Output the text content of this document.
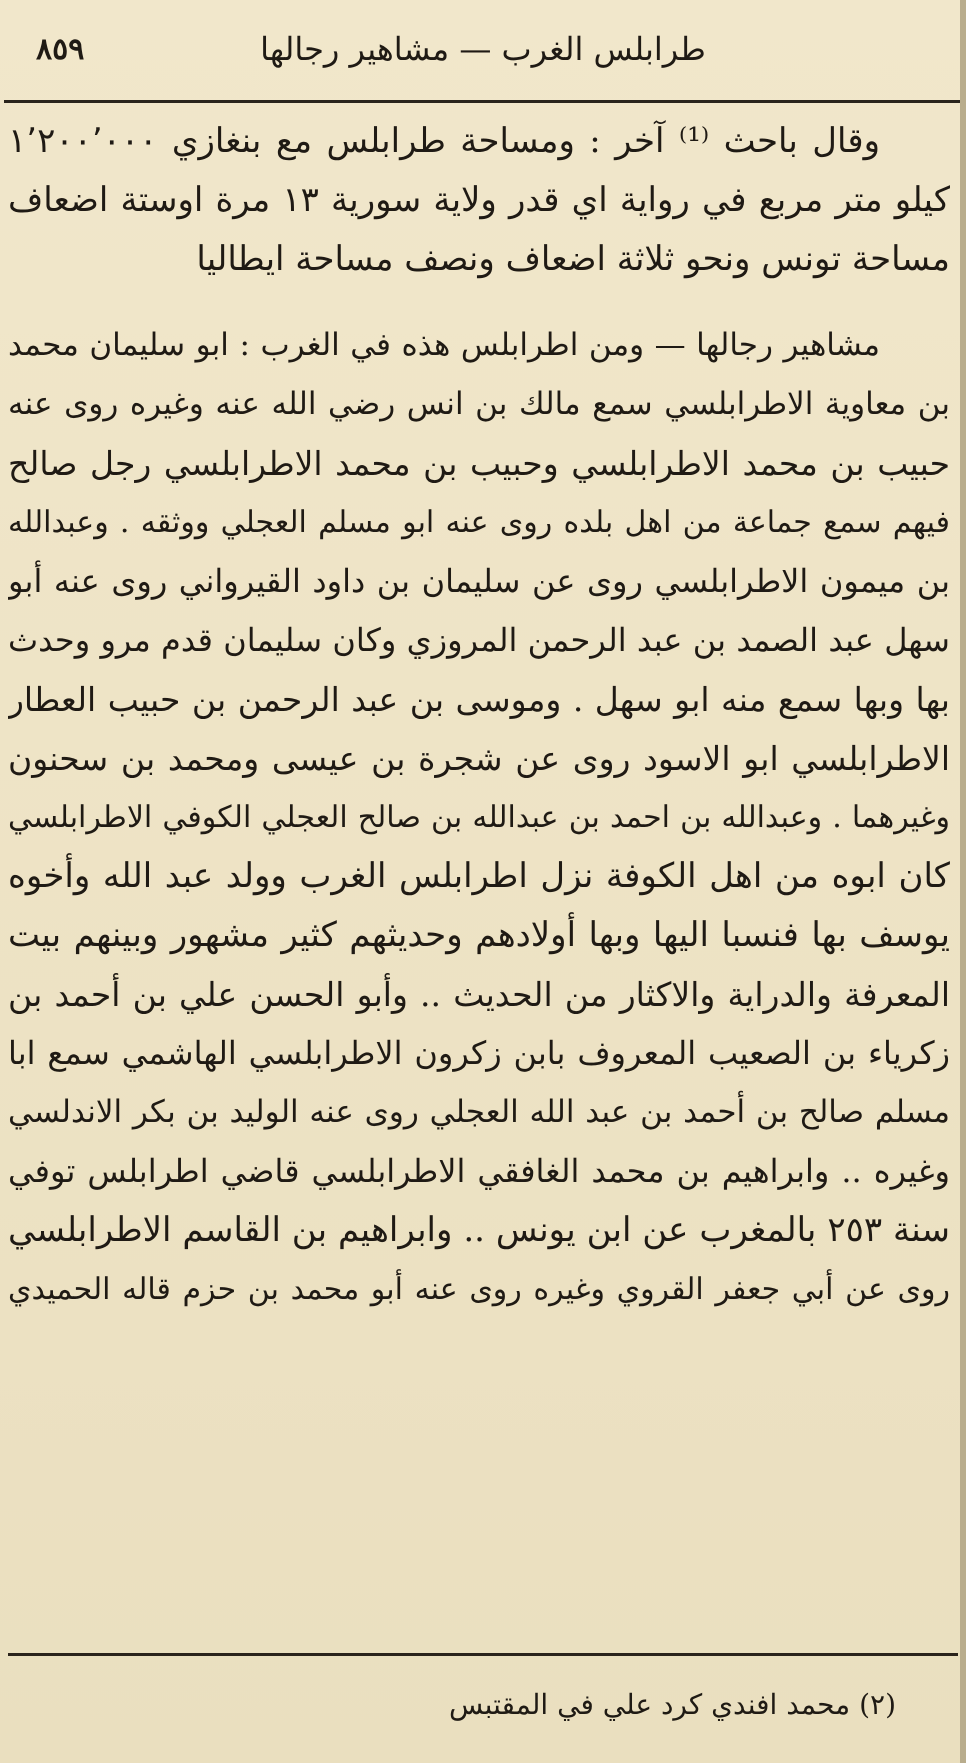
٨٥٩	طرابلس الغرب — مشاهير رجالها
وقال باحث ⁽¹⁾ آخر : ومساحة طرابلس مع بنغازي ١٬٢٠٠٬٠٠٠
كيلو متر مربع في رواية اي قدر ولاية سورية ١٣ مرة اوستة اضعاف
مساحة تونس ونحو ثلاثة اضعاف ونصف مساحة ايطاليا
مشاهير رجالها — ومن اطرابلس هذه في الغرب : ابو سليمان محمد
بن معاوية الاطرابلسي سمع مالك بن انس رضي الله عنه وغيره روى عنه
حبيب بن محمد الاطرابلسي وحبيب بن محمد الاطرابلسي رجل صالح
فيهم سمع جماعة من اهل بلده روى عنه ابو مسلم العجلي ووثقه . وعبدالله
بن ميمون الاطرابلسي روى عن سليمان بن داود القيرواني روى عنه أبو
سهل عبد الصمد بن عبد الرحمن المروزي وكان سليمان قدم مرو وحدث
بها وبها سمع منه ابو سهل . وموسى بن عبد الرحمن بن حبيب العطار
الاطرابلسي ابو الاسود روى عن شجرة بن عيسى ومحمد بن سحنون
وغيرهما . وعبدالله بن احمد بن عبدالله بن صالح العجلي الكوفي الاطرابلسي
كان ابوه من اهل الكوفة نزل اطرابلس الغرب وولد عبد الله وأخوه
يوسف بها فنسبا اليها وبها أولادهم وحديثهم كثير مشهور وبينهم بيت
المعرفة والدراية والاكثار من الحديث .. وأبو الحسن علي بن أحمد بن
زكرياء بن الصعيب المعروف بابن زكرون الاطرابلسي الهاشمي سمع ابا
مسلم صالح بن أحمد بن عبد الله العجلي روى عنه الوليد بن بكر الاندلسي
وغيره .. وابراهيم بن محمد الغافقي الاطرابلسي قاضي اطرابلس توفي
سنة ٢٥٣ بالمغرب عن ابن يونس .. وابراهيم بن القاسم الاطرابلسي
روى عن أبي جعفر القروي وغيره روى عنه أبو محمد بن حزم قاله الحميدي
(٢) محمد افندي كرد علي في المقتبس
